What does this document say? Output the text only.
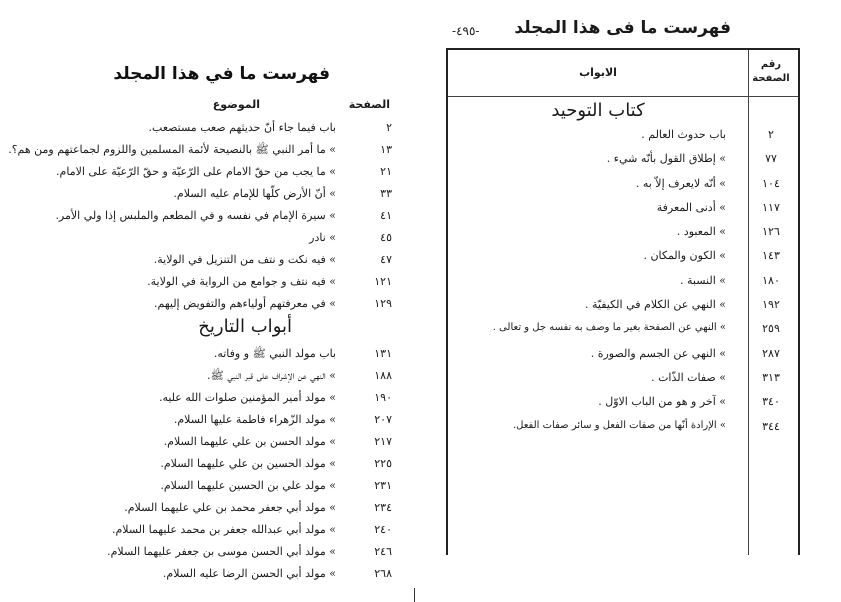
فهرست ما في هذا المجلد
الصفحة
الموضوع
٢
باب فيما جاء أنّ حديثهم صعب مستصعب.
١٣
» ما أمر النبي ﷺ بالنصيحة لأئمة المسلمين واللزوم لجماعتهم ومن هم؟.
٢١
» ما يجب من حقّ الامام على الرّعيّة و حقّ الرّعيّة على الامام.
٣٣
» أنّ الأرض كلّها للإمام عليه السلام.
٤١
» سيرة الإمام في نفسه و في المطعم والملبس إذا ولي الأمر.
٤٥
» نادر
٤٧
» فيه نكت و نتف من التنزيل في الولاية.
١٢١
» فيه نتف و جوامع من الرواية في الولاية.
١٢٩
» في معرفتهم أولياءهم والتفويض إليهم.
أبواب التاريخ
١٣١
باب مولد النبي ﷺ و وفاته.
١٨٨
» النهي عن الإشراف على قبر النبي ﷺ.
١٩٠
» مولد أمير المؤمنين صلوات الله عليه.
٢٠٧
» مولد الزّهراء فاطمة عليها السلام.
٢١٧
» مولد الحسن بن علي عليهما السلام.
٢٢٥
» مولد الحسين بن علي عليهما السلام.
٢٣١
» مولد علي بن الحسين عليهما السلام.
٢٣٤
» مولد أبي جعفر محمد بن علي عليهما السلام.
٢٤٠
» مولد أبي عبدالله جعفر بن محمد عليهما السلام.
٢٤٦
» مولد أبي الحسن موسى بن جعفر عليهما السلام.
٢٦٨
» مولد أبي الحسن الرضا عليه السلام.
فهرست ما فى هذا المجلد
-٤٩٥-
رقم الصفحة
الابواب
كتاب التوحيد
٢
باب حدوث العالم .
٧٧
» إطلاق القول بأنّه شيء .
١٠٤
» أنّه لايعرف إلاّ به .
١١٧
» أدنى المعرفة
١٢٦
» المعبود .
١٤٣
» الكون والمكان .
١٨٠
» النسبة .
١٩٢
» النهي عن الكلام في الكيفيّة .
٢٥٩
» النهي عن الصفحة بغير ما وصف به نفسه جل و تعالى .
٢٨٧
» النهي عن الجسم والصورة .
٣١٣
» صفات الذّات .
٣٤٠
» آخر و هو من الباب الاوّل .
٣٤٤
» الإرادة أنّها من صفات الفعل و سائر صفات الفعل.
